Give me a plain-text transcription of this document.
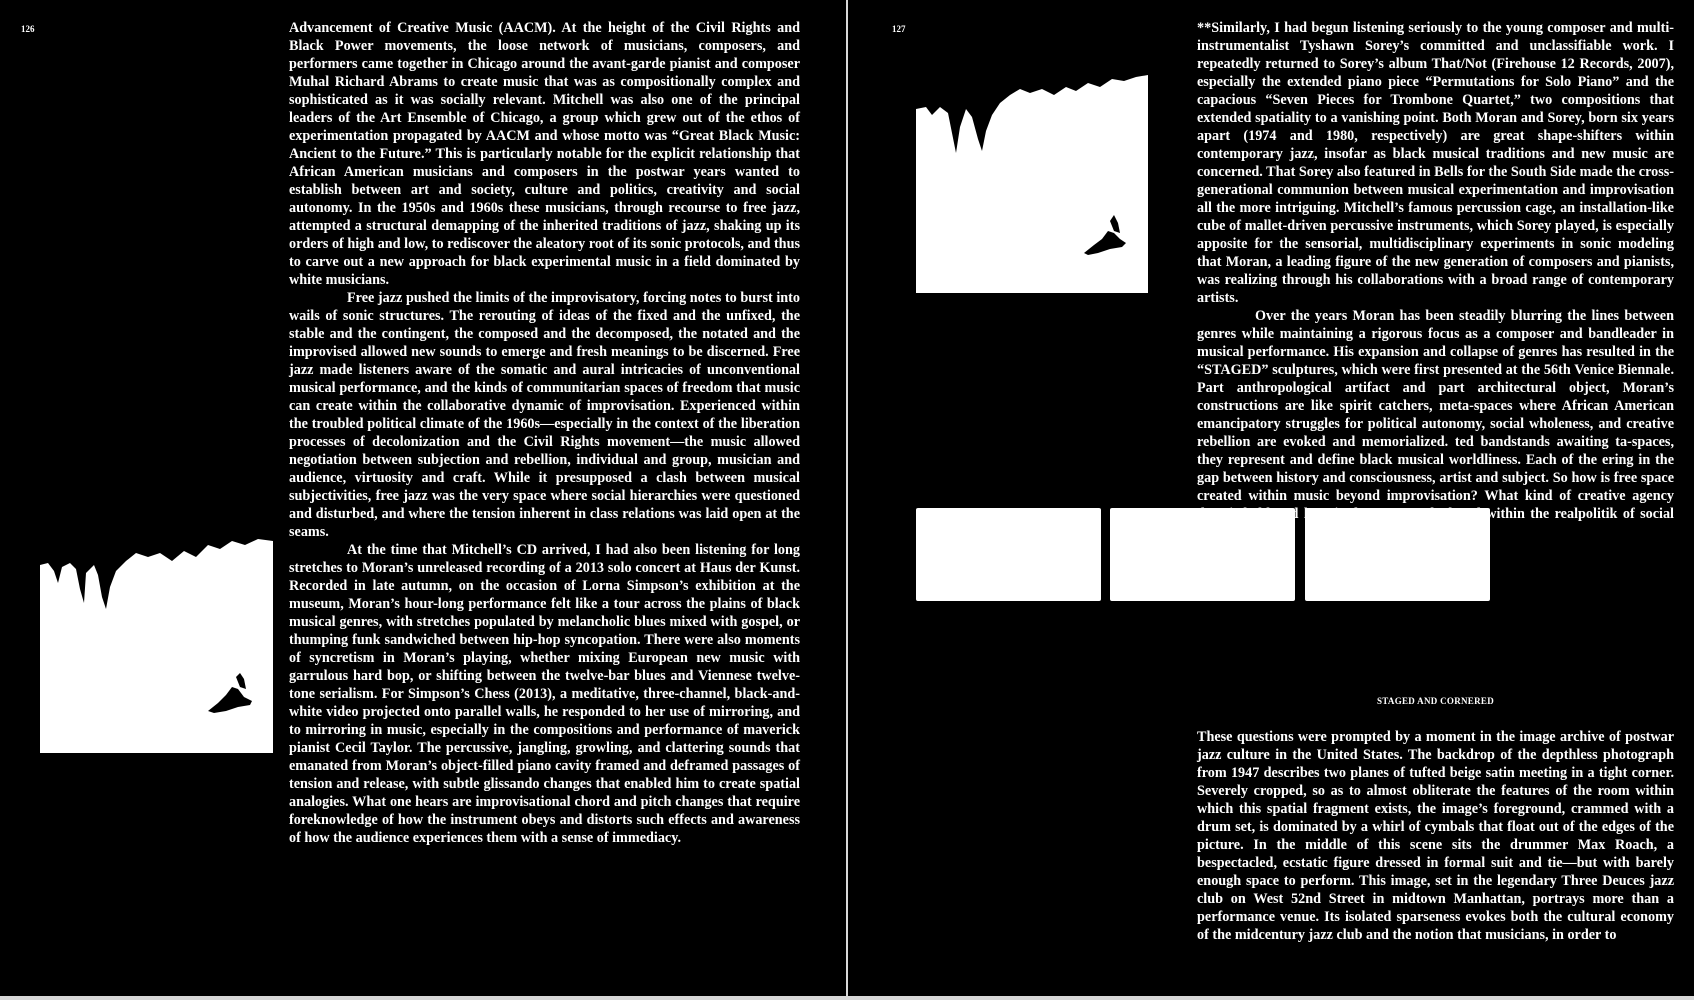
126	Advancement of Creative Music (AACM). At the height of the Civil Rights and Black Power movements, the loose network of musicians, composers, and performers came together in Chicago around the avant-garde pianist and composer Muhal Richard Abrams to create music that was as compositionally complex and sophisticated as it was socially relevant. Mitchell was also one of the principal leaders of the Art Ensemble of Chicago, a group which grew out of the ethos of experimentation propagated by AACM and whose motto was “Great Black Music: Ancient to the Future.” This is particularly notable for the explicit relationship that African American musicians and composers in the postwar years wanted to establish between art and society, culture and politics, creativity and social autonomy. In the 1950s and 1960s these musicians, through recourse to free jazz, attempted a structural demapping of the inherited traditions of jazz, shaking up its orders of high and low, to rediscover the aleatory root of its sonic protocols, and thus to carve out a new approach for black experimental music in a field dominated by white musicians.

Free jazz pushed the limits of the improvisatory, forcing notes to burst into wails of sonic structures. The rerouting of ideas of the fixed and the unfixed, the stable and the contingent, the composed and the decomposed, the notated and the improvised allowed new sounds to emerge and fresh meanings to be discerned. Free jazz made listeners aware of the somatic and aural intricacies of unconventional musical performance, and the kinds of communitarian spaces of freedom that music can create within the collaborative dynamic of improvisation. Experienced within the troubled political climate of the 1960s—especially in the context of the liberation processes of decolonization and the Civil Rights movement—the music allowed negotiation between subjection and rebellion, individual and group, musician and audience, virtuosity and craft. While it presupposed a clash between musical subjectivities, free jazz was the very space where social hierarchies were questioned and disturbed, and where the tension inherent in class relations was laid open at the seams.

At the time that Mitchell’s CD arrived, I had also been listening for long stretches to Moran’s unreleased recording of a 2013 solo concert at Haus der Kunst. Recorded in late autumn, on the occasion of Lorna Simpson’s exhibition at the museum, Moran’s hour-long performance felt like a tour across the plains of black musical genres, with stretches populated by melancholic blues mixed with gospel, or thumping funk sandwiched between hip-hop syncopation. There were also moments of syncretism in Moran’s playing, whether mixing European new music with garrulous hard bop, or shifting between the twelve-bar blues and Viennese twelve-tone serialism. For Simpson’s Chess (2013), a meditative, three-channel, black-and-white video projected onto parallel walls, he responded to her use of mirroring, and to mirroring in music, especially in the compositions and performance of maverick pianist Cecil Taylor. The percussive, jangling, growling, and clattering sounds that emanated from Moran’s object-filled piano cavity framed and deframed passages of tension and release, with subtle glissando changes that enabled him to create spatial analogies. What one hears are improvisational chord and pitch changes that require foreknowledge of how the instrument obeys and distorts such effects and awareness of how the audience experiences them with a sense of immediacy.

127	**Similarly, I had begun listening seriously to the young composer and multi-instrumentalist Tyshawn Sorey’s committed and unclassifiable work. I repeatedly returned to Sorey’s album That/Not (Firehouse 12 Records, 2007), especially the extended piano piece “Permutations for Solo Piano” and the capacious “Seven Pieces for Trombone Quartet,” two compositions that extended spatiality to a vanishing point. Both Moran and Sorey, born six years apart (1974 and 1980, respectively) are great shape-shifters within contemporary jazz, insofar as black musical traditions and new music are concerned. That Sorey also featured in Bells for the South Side made the cross-generational communion between musical experimentation and improvisation all the more intriguing. Mitchell’s famous percussion cage, an installation-like cube of mallet-driven percussive instruments, which Sorey played, is especially apposite for the sensorial, multidisciplinary experiments in sonic modeling that Moran, a leading figure of the new generation of composers and pianists, was realizing through his collaborations with a broad range of contemporary artists.

Over the years Moran has been steadily blurring the lines between genres while maintaining a rigorous focus as a composer and bandleader in musical performance. His expansion and collapse of genres has resulted in the “STAGED” sculptures, which were first presented at the 56th Venice Biennale. Part anthropological artifact and part architectural object, Moran’s constructions are like spirit catchers, meta-spaces where African American emancipatory struggles for political autonomy, social wholeness, and creative rebellion are evoked and memorialized. ted bandstands awaiting ta-spaces, they represent and define black musical worldliness. Each of the ering in the gap between history and consciousness, artist and subject. So how is free space created within music beyond improvisation? What kind of creative agency does it hold and how is that agency deployed within the realpolitik of social deprivation?

STAGED AND CORNERED

These questions were prompted by a moment in the image archive of postwar jazz culture in the United States. The backdrop of the depthless photograph from 1947 describes two planes of tufted beige satin meeting in a tight corner. Severely cropped, so as to almost obliterate the features of the room within which this spatial fragment exists, the image’s foreground, crammed with a drum set, is dominated by a whirl of cymbals that float out of the edges of the picture. In the middle of this scene sits the drummer Max Roach, a bespectacled, ecstatic figure dressed in formal suit and tie—but with barely enough space to perform. This image, set in the legendary Three Deuces jazz club on West 52nd Street in midtown Manhattan, portrays more than a performance venue. Its isolated sparseness evokes both the cultural economy of the midcentury jazz club and the notion that musicians, in order to
